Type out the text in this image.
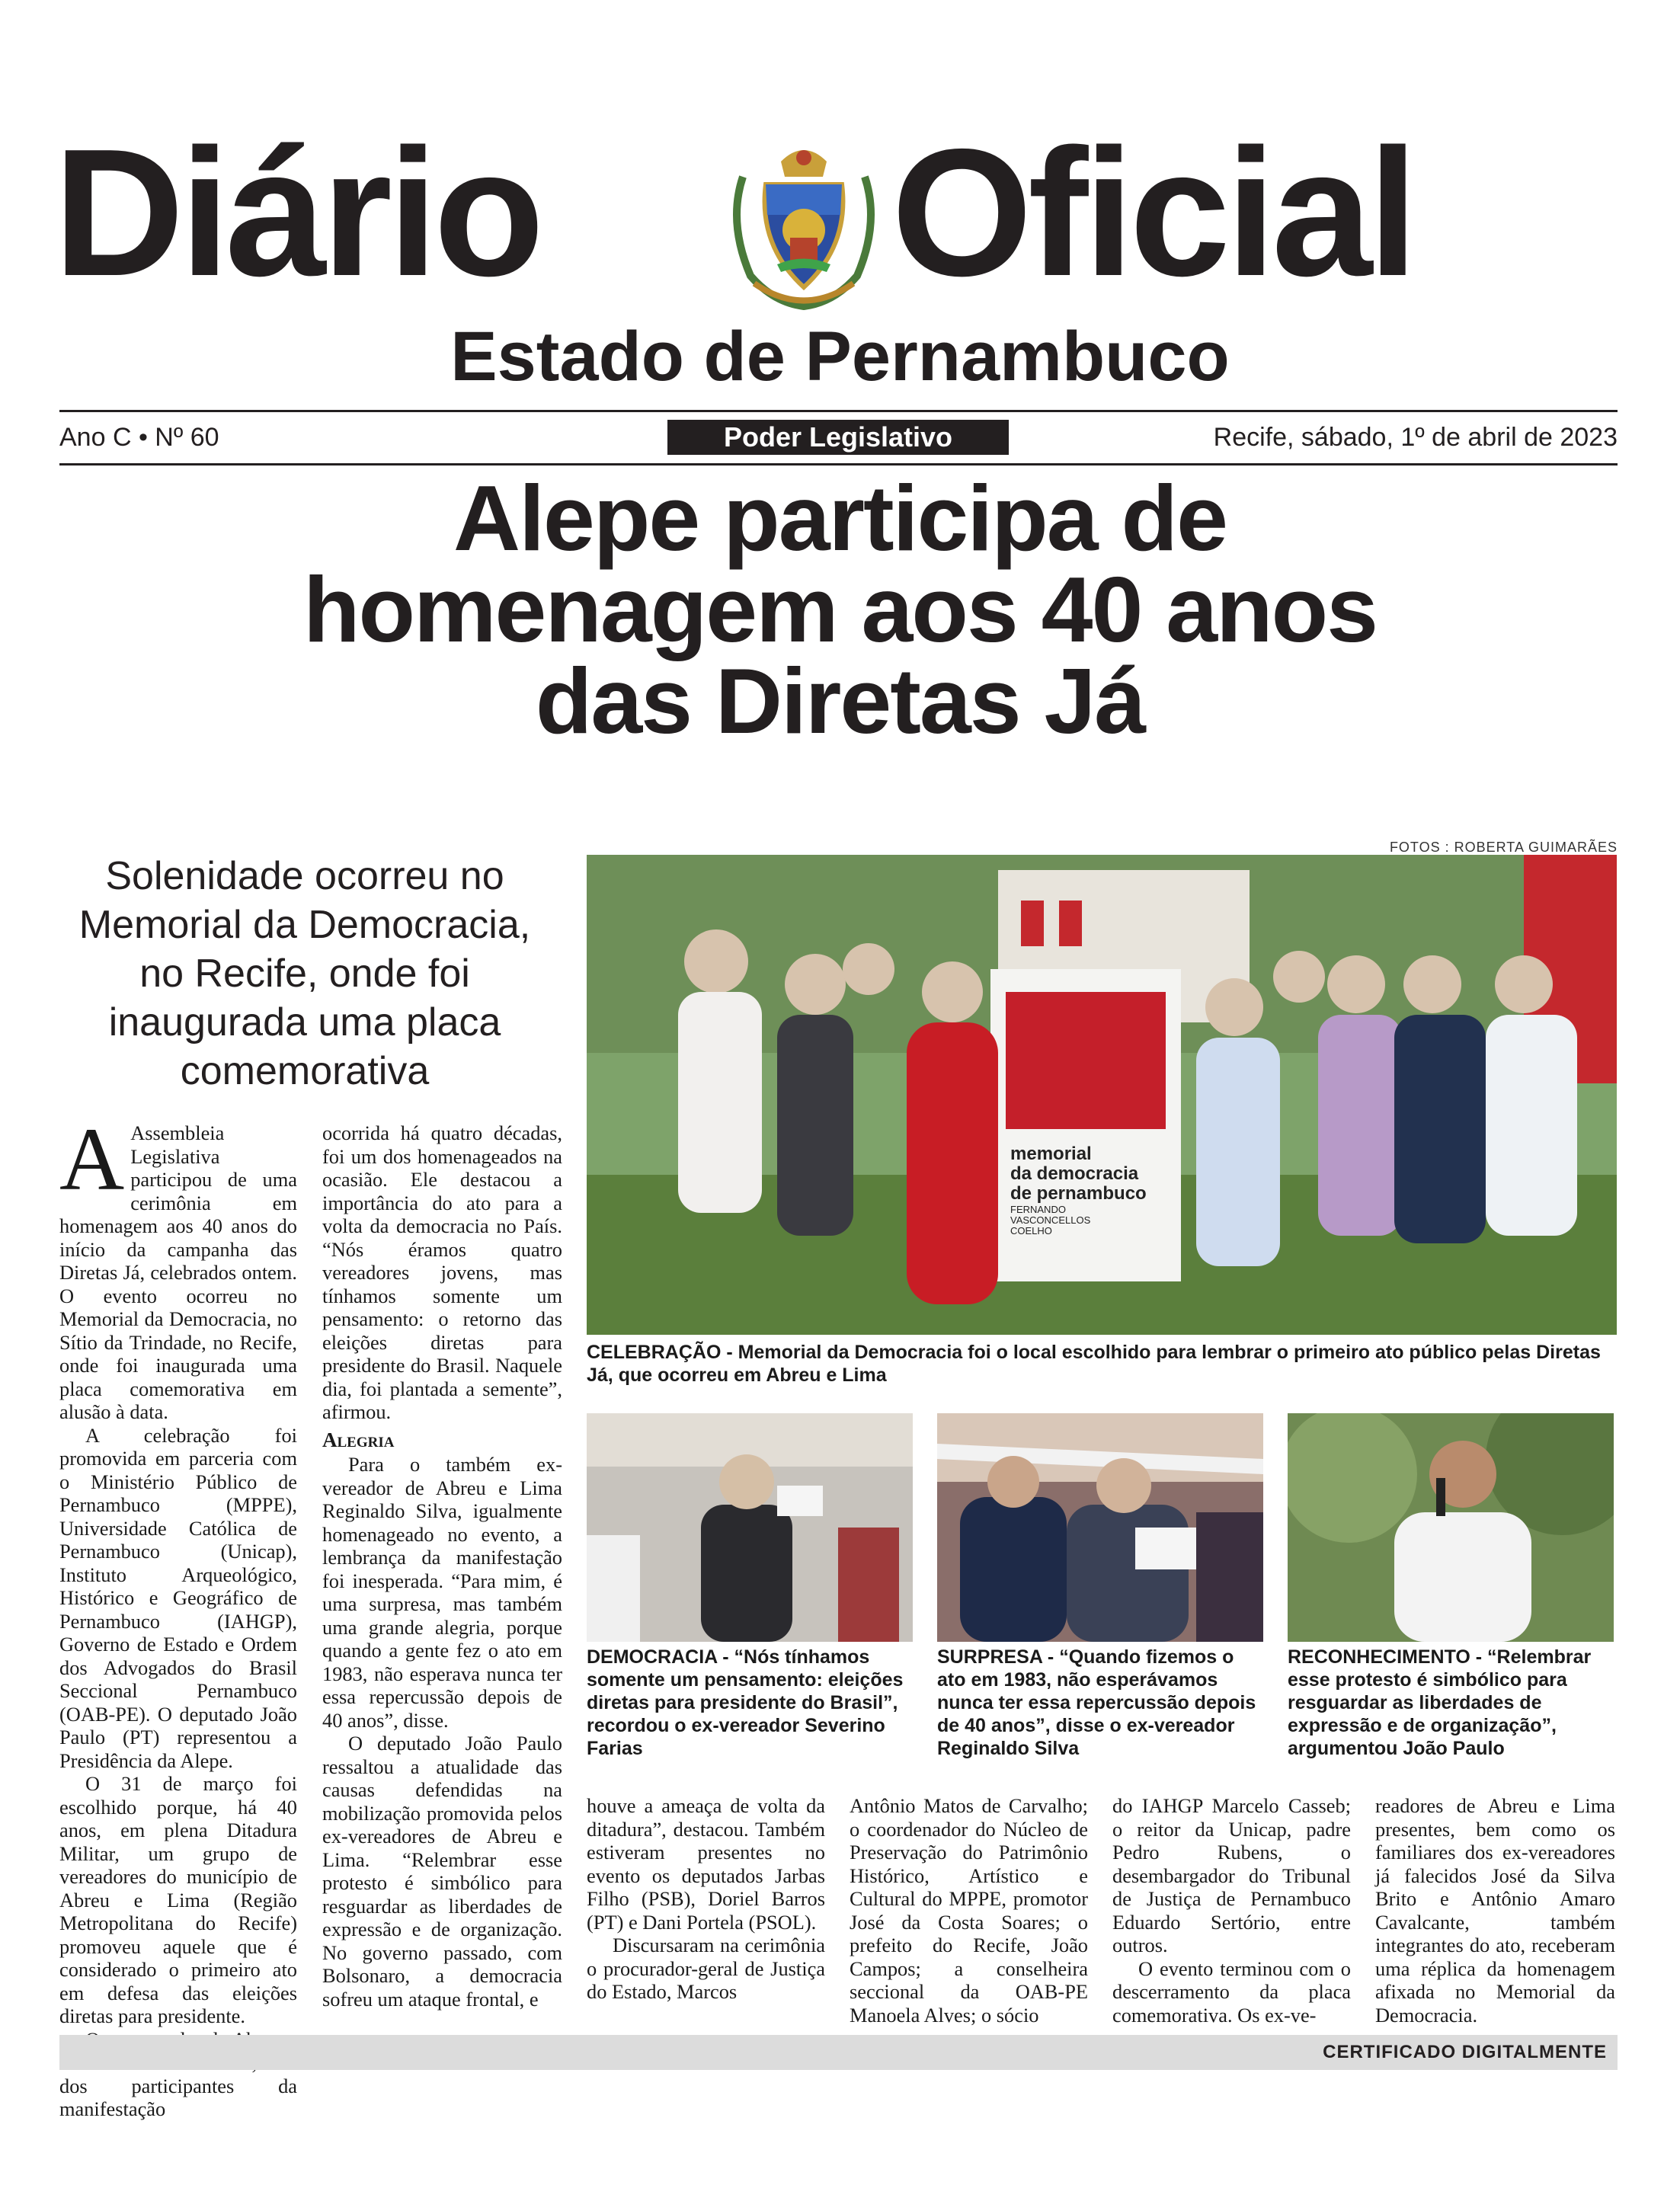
Diário Oficial
Estado de Pernambuco
Ano C • Nº 60	Poder Legislativo	Recife, sábado, 1º de abril de 2023
Alepe participa de
homenagem aos 40 anos
das Diretas Já
FOTOS : ROBERTA GUIMARÃES
Solenidade ocorreu no Memorial da Democracia, no Recife, onde foi inaugurada uma placa comemorativa
memorial
da democracia
de pernambuco
FERNANDO
VASCONCELLOS
COELHO
CELEBRAÇÃO - Memorial da Democracia foi o local escolhido para lembrar o primeiro ato público pelas Diretas Já, que ocorreu em Abreu e Lima
DEMOCRACIA - “Nós tínhamos somente um pensamento: eleições diretas para presidente do Brasil”, recordou o ex-vereador Severino Farias
SURPRESA - “Quando fizemos o ato em 1983, não esperávamos nunca ter essa repercussão depois de 40 anos”, disse o ex-vereador Reginaldo Silva
RECONHECIMENTO - “Relembrar esse protesto é simbólico para resguardar as liberdades de expressão e de organização”, argumentou João Paulo

A Assembleia Legislativa participou de uma cerimônia em homenagem aos 40 anos do início da campanha das Diretas Já, celebrados ontem. O evento ocorreu no Memorial da Democracia, no Sítio da Trindade, no Recife, onde foi inaugurada uma placa comemorativa em alusão à data.

A celebração foi promovida em parceria com o Ministério Público de Pernambuco (MPPE), Universidade Católica de Pernambuco (Unicap), Instituto Arqueológico, Histórico e Geográfico de Pernambuco (IAHGP), Governo de Estado e Ordem dos Advogados do Brasil Seccional Pernambuco (OAB-PE). O deputado João Paulo (PT) representou a Presidência da Alepe.

O 31 de março foi escolhido porque, há 40 anos, em plena Ditadura Militar, um grupo de vereadores do município de Abreu e Lima (Região Metropolitana do Recife) promoveu aquele que é considerado o primeiro ato em defesa das eleições diretas para presidente.

dos participantes da manifestação

ocorrida há quatro décadas, foi um dos homenageados na ocasião. Ele destacou a importância do ato para a volta da democracia no País. “Nós éramos quatro vereadores jovens, mas tínhamos somente um pensamento: o retorno das eleições diretas para presidente do Brasil. Naquele dia, foi plantada a semente”, afirmou.

Alegria

Para o também ex-vereador de Abreu e Lima Reginaldo Silva, igualmente homenageado no evento, a lembrança da manifestação foi inesperada. “Para mim, é uma surpresa, mas também uma grande alegria, porque quando a gente fez o ato em 1983, não esperava nunca ter essa repercussão depois de 40 anos”, disse.

O deputado João Paulo ressaltou a atualidade das causas defendidas na mobilização promovida pelos ex-vereadores de Abreu e Lima. “Relembrar esse protesto é simbólico para resguardar as liberdades de expressão e de organização. No governo passado, com Bolsonaro, a democracia sofreu um ataque frontal, e

houve a ameaça de volta da ditadura”, destacou. Também estiveram presentes no evento os deputados Jarbas Filho (PSB), Doriel Barros (PT) e Dani Portela (PSOL).

Discursaram na cerimônia o procurador-geral de Justiça do Estado, Marcos

Antônio Matos de Carvalho; o coordenador do Núcleo de Preservação do Patrimônio Histórico, Artístico e Cultural do MPPE, promotor José da Costa Soares; o prefeito do Recife, João Campos; a conselheira seccional da OAB-PE Manoela Alves; o sócio

do IAHGP Marcelo Casseb; o reitor da Unicap, padre Pedro Rubens, o desembargador do Tribunal de Justiça de Pernambuco Eduardo Sertório, entre outros.

O evento terminou com o descerramento da placa comemorativa. Os ex-ve-

readores de Abreu e Lima presentes, bem como os familiares dos ex-vereadores já falecidos José da Silva Brito e Antônio Amaro Cavalcante, também integrantes do ato, receberam uma réplica da homenagem afixada no Memorial da Democracia.

CERTIFICADO DIGITALMENTE
